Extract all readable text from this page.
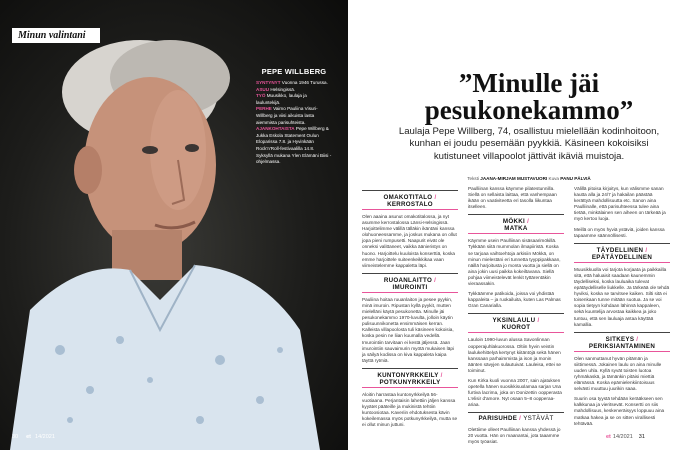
Minun valintani
PEPE WILLBERG
SYNTYNYT Vuonna 1946 Turussa.
ASUU Helsingissä.
TYÖ Muusikko, laulaja ja lauluntekijä.
PERHE Vaimo Pauliina Visuri-Willberg ja viisi aikuista lasta aiemmista parisuhteista.
AJANKOHTAISTA Pepe Willberg & Jukka Eskola Statement Oulun Eloparissa 7.8. ja Hyvinkään Rock'n'Roll-festivaalilla 14.8. Syksyllä mukana Ylen Elämäni Biisi -ohjelmassa.
30 et 14/2021
”Minulle jäi pesukonekammo”
Laulaja Pepe Willberg, 74, osallistuu mielellään kodinhoitoon, kunhan ei joudu pesemään pyykkiä. Käsineen kokoisiksi kutistuneet villapoolot jättivät ikäviä muistoja.
Teksti JAANA-MIRJAM MUSTAVUORI Kuva PANU PÄLVIÄ
OMAKOTITALO /
KERROSTALO

Olen aaaina asunut omakotitalossa, ja nyt asumme kerrostalossa Länsi-Helsingissä. Harjoittelimme välillä tälläkin ikäntäni kanssa olohuoneessamme, ja joskus mukana on ollut jopa pieni rumpusetti. Naapurit eivät ole onneksi valittaneet, vaikka äänieristys on huono. Harjoittelu kuuloista konserttiä, koska emme harjoittele suiteenkeikkikaa vaan viimeistelemme kappaletta läpi.

RUOANLAITTO /
IMUROINTI

Pauliina hoitaa ruuanlaiton ja pesee pyykin, minä imuroin. Ripustan kyllä pyykit, mutten mielelläni käytä pesukonetta. Minulle jäi pesukonekammo 1970-luvulta, jolloin käytin pulisuunnikonetta ensimmäisen kerran. Kalleista villapoolosta tuli käsineen kokoisia, koska pesin ne liian kuumalla vedellä. Imurointiin tarvitaan ei kestä jäljessä. Jaan imurointiin sauvaimurin myötä mukaisen läpi ja säilyä kodissa on kiva kappaleta kaipa täyttä rytmiä.

KUNTONYRKKEILY /
POTKUNYRKKEILY

Aloitin harrastaa kuntonyrkkeilyä 56-vuotiaana. Perjantaisin lahettiin jäljen kanssa kyyätet pääteille ja mukinistä tehtiin kuntoosiotaa. Kaveriin ehdotuksesta kävin kokeilemassa myös potkunyrkkeilyä, mutta se ei ollut minun juttuni.

Paulliinan kanssa käymme pilatestunnilla. Siellä on sellaista laittaa, että vanhempaan ikään on vaativiteetta eri tasolla liikuntaa itselleen.

MÖKKI /
MATKA

Käymme usein Paulliinan sisäsaarimökillä. Tykkään siitä mummolan ilmapiiristä. Koska se tarjoaa vaihtoehtoja arkisiin Mökkä, on minun mielestäni eri tunnetta tyyppipakkaan, näillä harjoitusta jo monta vuotta ja siellä on aina jokin uusi paikka kokeiltavana. Siellä pohjaa viimeistelevät lenkit tyttärentäkin vieraassakin.

Tykkäämme patikoida, joissa voi yhdistää kappaleita – ja ruokailuita, kuten Las Palmas Gran Canarialla.

YKSINLAULU /
KUOROT

Lauloin 1990-luvun alussa Savonlinnan oopperajuhlakuorossa. Oltiin hyvin veistin laulukehittelyä kertynyt kiitäntöjä sekä hänen kanssaan parhaimmista ja ison ja monin äänten sävyjen sulautuivat. Lauleisa, ettei se toiminut.

Kun Kirka kuoli vuonna 2007, sain ajatuksen opetella hänen suosikkisuolamaa sarjan Una furtiva lacrima, joka on Donizettin oopperasta L'elisir d'amore. Nyt osaan 5–8 oopperaa-ariaa.

PARISUHDE / YSTÄVÄT

Olettiime olleet Paulliinan kanssa yhdessä jo 20 vuotta. Hän on maanantai, jota taaamme myös työasiat.

Välillä pitoisa kirjoitys, kun välismme sanan kautta alla ja 24/7 ja hakailan päästää kerättyä mahdollisuutta etc. Sanon aina Paulliinalle, että parisuhteessa tulee aina tietää, minkälainen sen aiheen on tärkeää ja myö kertoo luoja.

Meillä on myös hyviä ystäviä, joiden kanssa tapaamme säännöllisesti.

TÄYDELLINEN /
EPÄTÄYDELLINEN

Muusikkuolla voi tarjota korjaata ja paikkailla sitä, että haluaisit saadaan kaunemmin täydelliseksi, koska lauluaika tulevat epätäydelliselle liukkelle. Ja tärkeää ole tehdä hyviksi, koska se tarvitsee kaiken. Silti sitä ei toisenkaan tunne mitään suotua. Ja se voi sopia tietyyn kohdaan lähinnä kappaleen, sekä kuuntelija arvostaa kaikkea ja joko tuntuu, että sen lauluaja antaa käyttää kamallia.

SITKEYS /
PERIKSIANTAMINEN

Olen sanmuttanut hyvän pitämän ja siittimessä. Jokainen laulu on aina minulle uuden uhla. Kyllä syvät toisten luotoa ryhmäkaskä, ja tämänkin pitäisi miettiä elämässä. Koska epämielenkiintoisuus selvästi muuttuu juurikin saaa.

Suurin osa tyystä tehdään kerääkseen sen kalkkunaa ja vieritsevät. Konsertti on siis mahdollisuus, keskeneräisyys loppuuu aina matkaa hakea ja se on sitten virallisesti tehtävää.

et 14/2021 31
